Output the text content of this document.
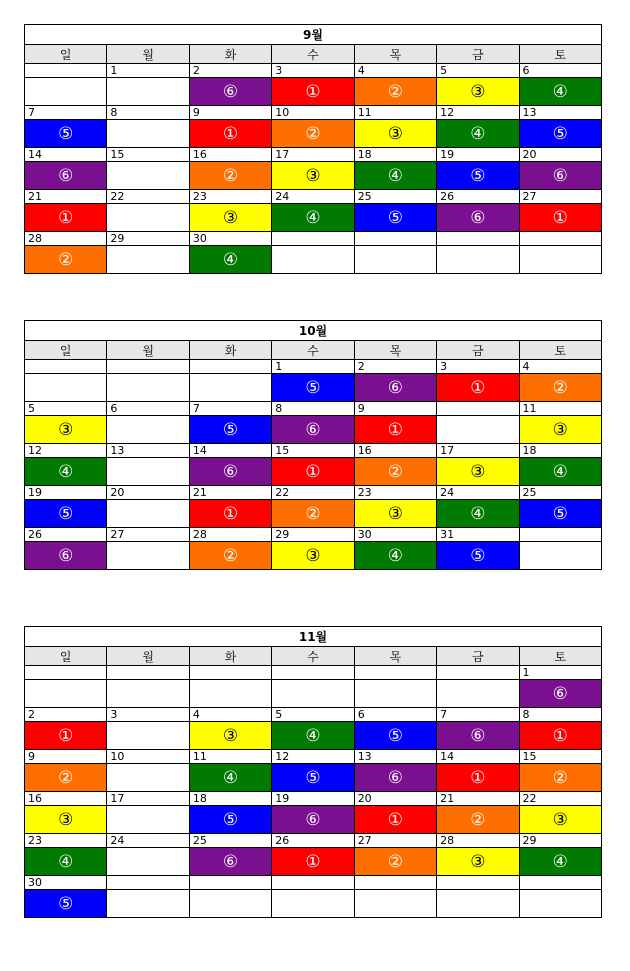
9월						
일	월	화	수	목	금	토
	1	2	3	4	5	6
		⑥	①	②	③	④
7	8	9	10	11	12	13
⑤		①	②	③	④	⑤
14	15	16	17	18	19	20
⑥		②	③	④	⑤	⑥
21	22	23	24	25	26	27
①		③	④	⑤	⑥	①
28	29	30				
②		④				
10월						
일	월	화	수	목	금	토
			1	2	3	4
			⑤	⑥	①	②
5	6	7	8	9		11
③		⑤	⑥	①		③
12	13	14	15	16	17	18
④		⑥	①	②	③	④
19	20	21	22	23	24	25
⑤		①	②	③	④	⑤
26	27	28	29	30	31	
⑥		②	③	④	⑤	
11월						
일	월	화	수	목	금	토
						1
						⑥
2	3	4	5	6	7	8
①		③	④	⑤	⑥	①
9	10	11	12	13	14	15
②		④	⑤	⑥	①	②
16	17	18	19	20	21	22
③		⑤	⑥	①	②	③
23	24	25	26	27	28	29
④		⑥	①	②	③	④
30						
⑤						
